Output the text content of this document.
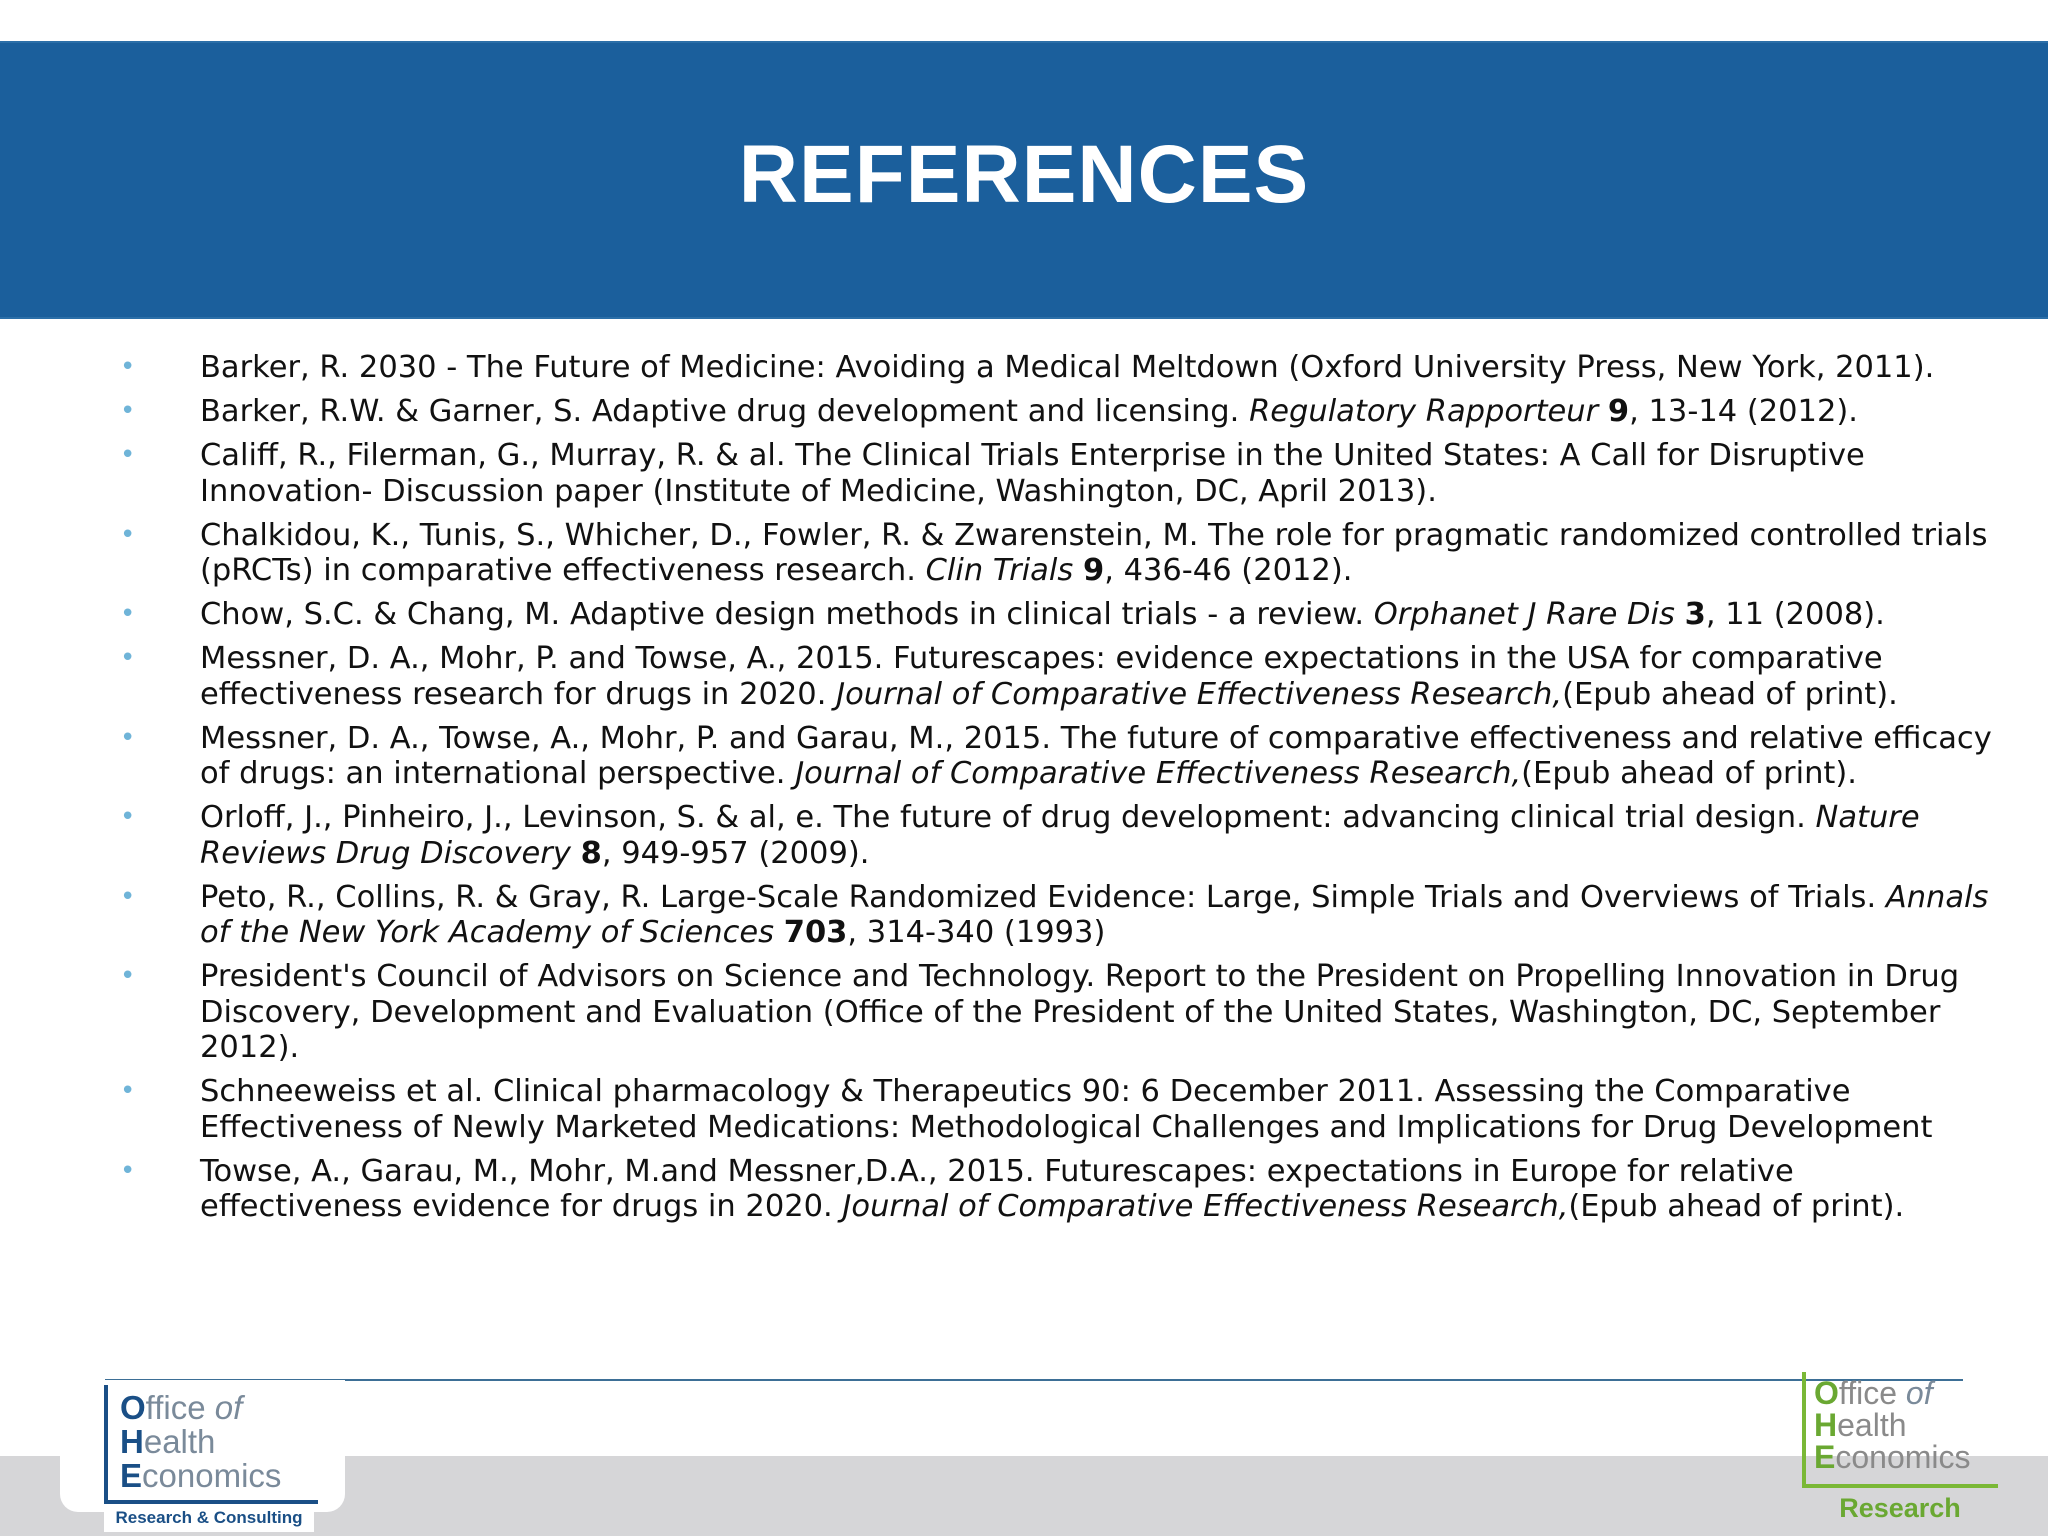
REFERENCES
• Barker, R. 2030 - The Future of Medicine: Avoiding a Medical Meltdown (Oxford University Press, New York, 2011).
• Barker, R.W. & Garner, S. Adaptive drug development and licensing. Regulatory Rapporteur 9, 13-14 (2012).
• Califf, R., Filerman, G., Murray, R. & al. The Clinical Trials Enterprise in the United States: A Call for Disruptive Innovation- Discussion paper (Institute of Medicine, Washington, DC, April 2013).
• Chalkidou, K., Tunis, S., Whicher, D., Fowler, R. & Zwarenstein, M. The role for pragmatic randomized controlled trials (pRCTs) in comparative effectiveness research. Clin Trials 9, 436-46 (2012).
• Chow, S.C. & Chang, M. Adaptive design methods in clinical trials - a review. Orphanet J Rare Dis 3, 11 (2008).
• Messner, D. A., Mohr, P. and Towse, A., 2015. Futurescapes: evidence expectations in the USA for comparative effectiveness research for drugs in 2020. Journal of Comparative Effectiveness Research,(Epub ahead of print).
• Messner, D. A., Towse, A., Mohr, P. and Garau, M., 2015. The future of comparative effectiveness and relative efficacy of drugs: an international perspective. Journal of Comparative Effectiveness Research,(Epub ahead of print).
• Orloff, J., Pinheiro, J., Levinson, S. & al, e. The future of drug development: advancing clinical trial design. Nature Reviews Drug Discovery 8, 949-957 (2009).
• Peto, R., Collins, R. & Gray, R. Large-Scale Randomized Evidence: Large, Simple Trials and Overviews of Trials. Annals of the New York Academy of Sciences 703, 314-340 (1993)
• President's Council of Advisors on Science and Technology. Report to the President on Propelling Innovation in Drug Discovery, Development and Evaluation (Office of the President of the United States, Washington, DC, September 2012).
• Schneeweiss et al. Clinical pharmacology & Therapeutics 90: 6 December 2011. Assessing the Comparative Effectiveness of Newly Marketed Medications: Methodological Challenges and Implications for Drug Development
• Towse, A., Garau, M., Mohr, M.and Messner,D.A., 2015. Futurescapes: expectations in Europe for relative effectiveness evidence for drugs in 2020. Journal of Comparative Effectiveness Research,(Epub ahead of print).
Office of
Health
Economics
Research & Consulting
Office of
Health
Economics
Research
